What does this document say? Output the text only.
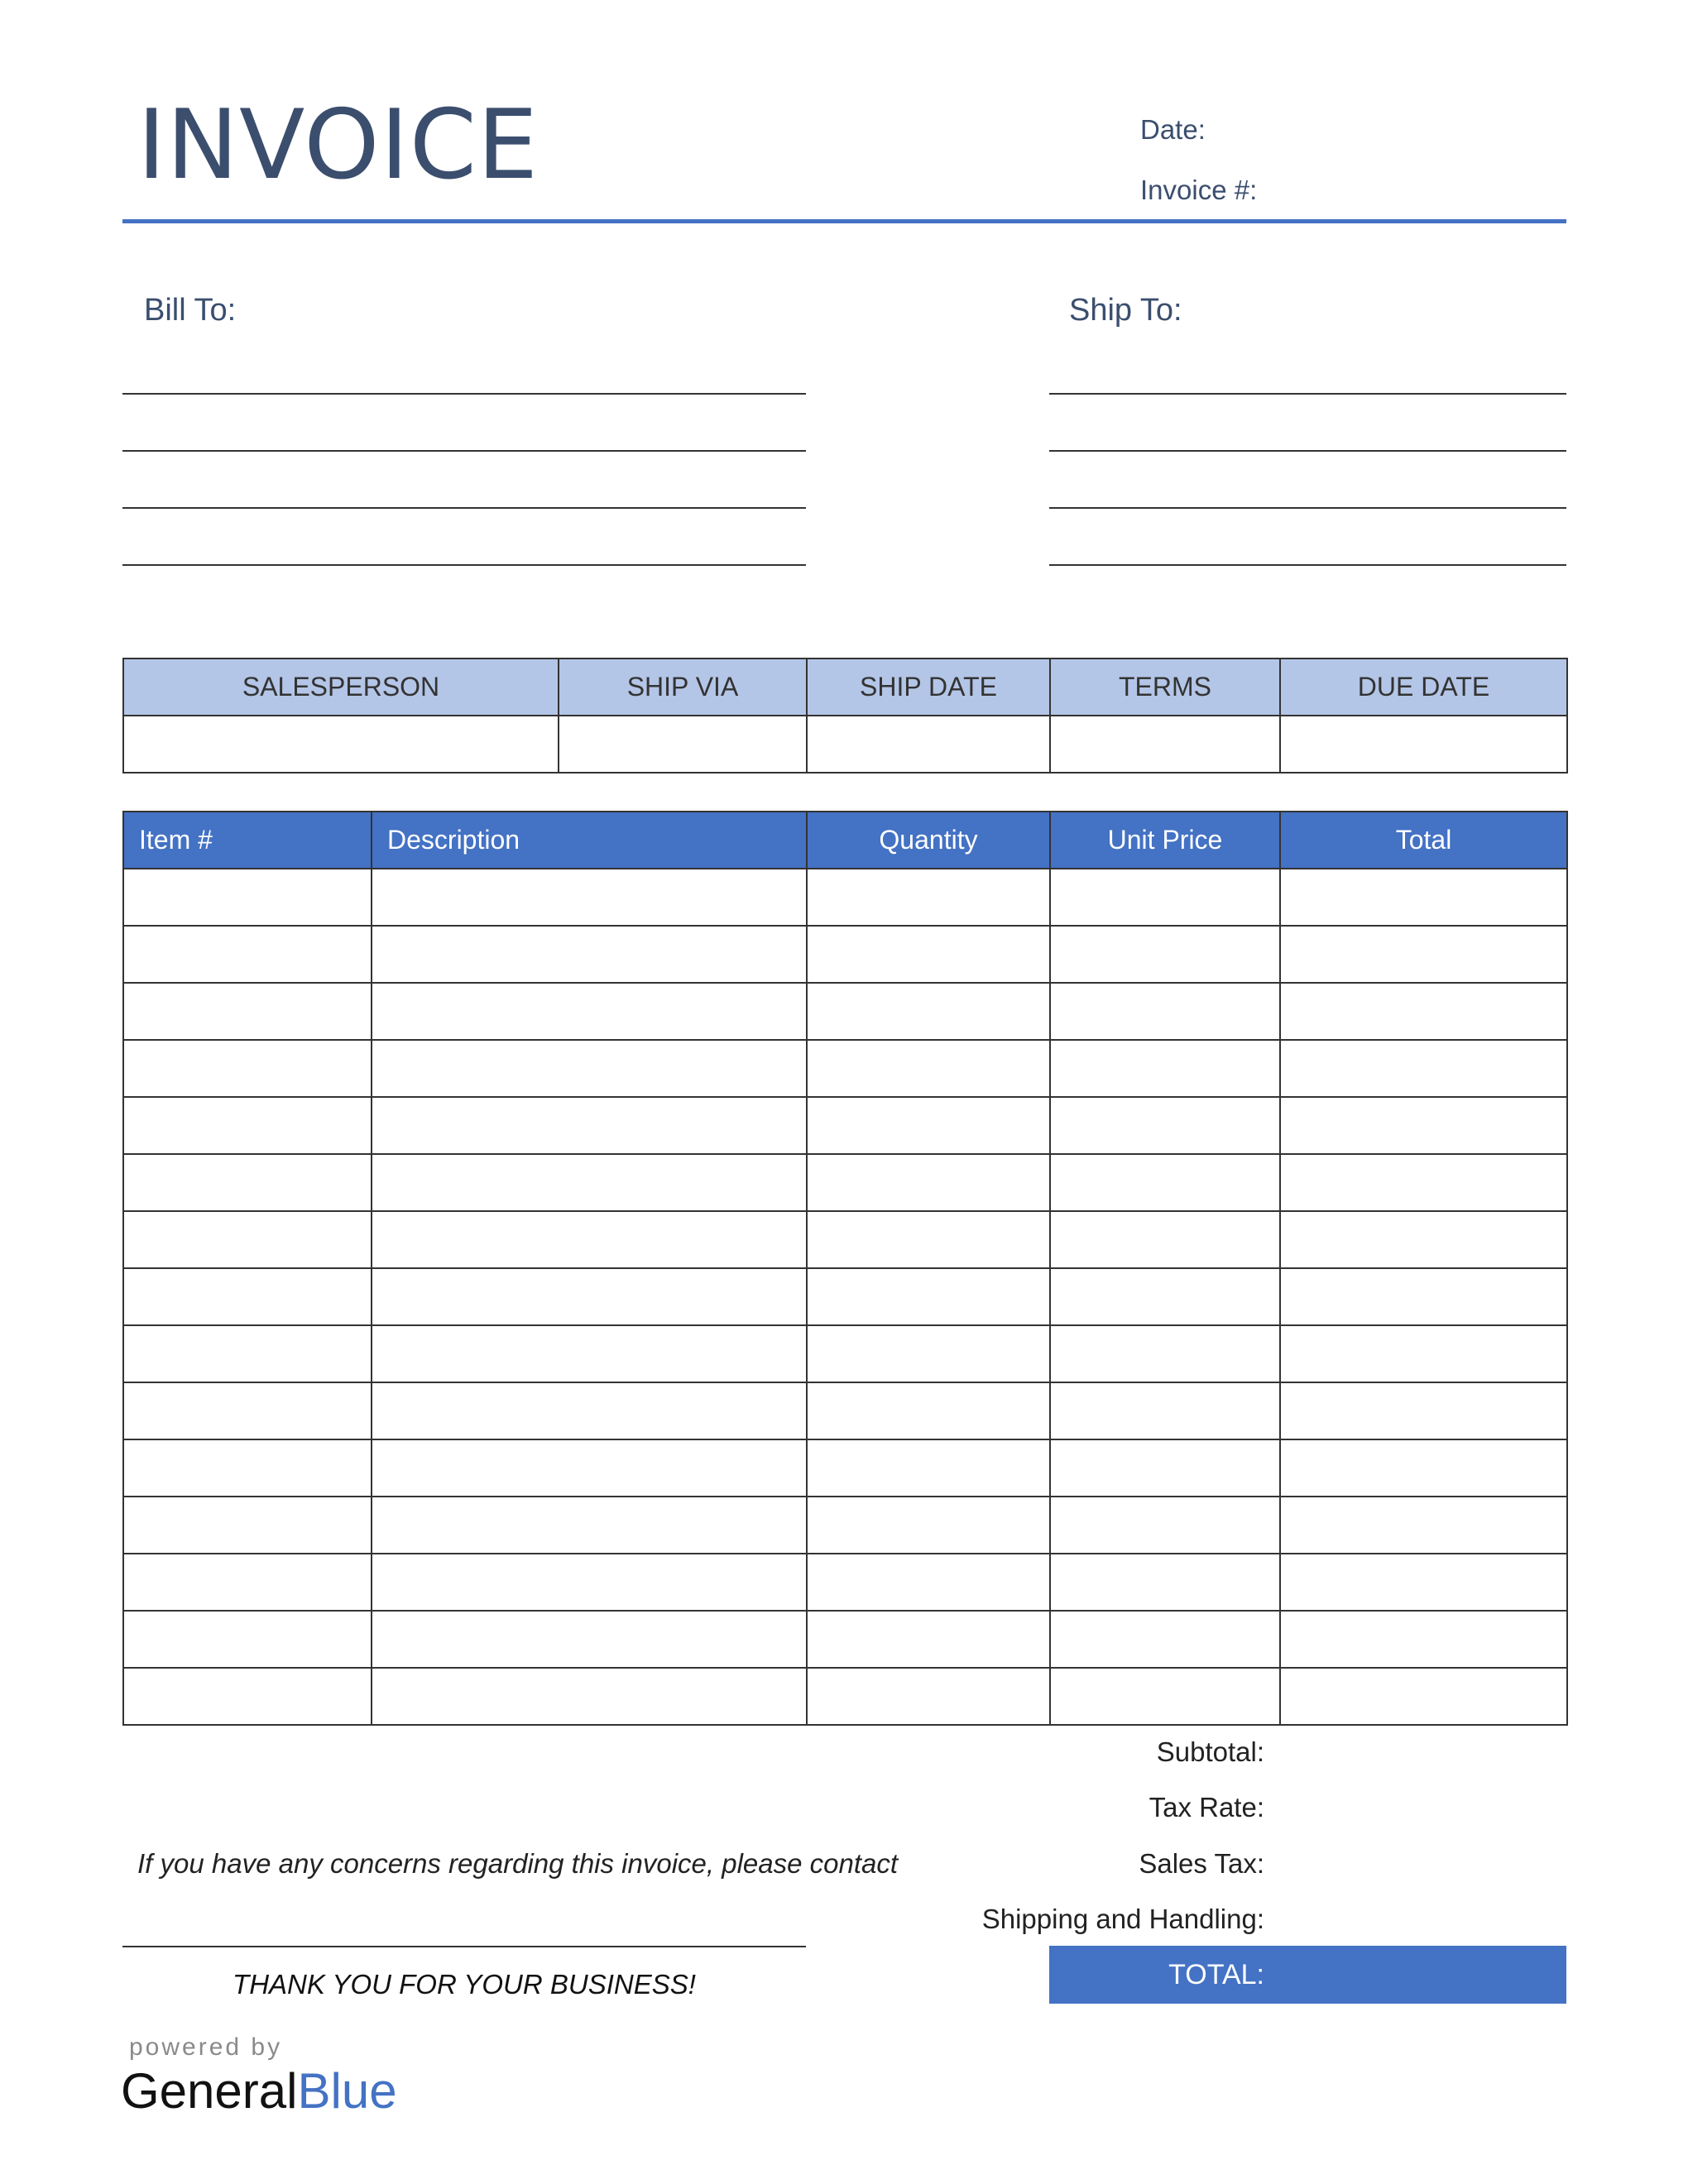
INVOICE	Date:
Invoice #:
Bill To:	Ship To:
SALESPERSON	SHIP VIA	SHIP DATE	TERMS	DUE DATE

Item #	Description	Quantity	Unit Price	Total

Subtotal:
Tax Rate:
Sales Tax:
Shipping and Handling:
TOTAL:
If you have any concerns regarding this invoice, please contact
THANK YOU FOR YOUR BUSINESS!
powered by
GeneralBlue
